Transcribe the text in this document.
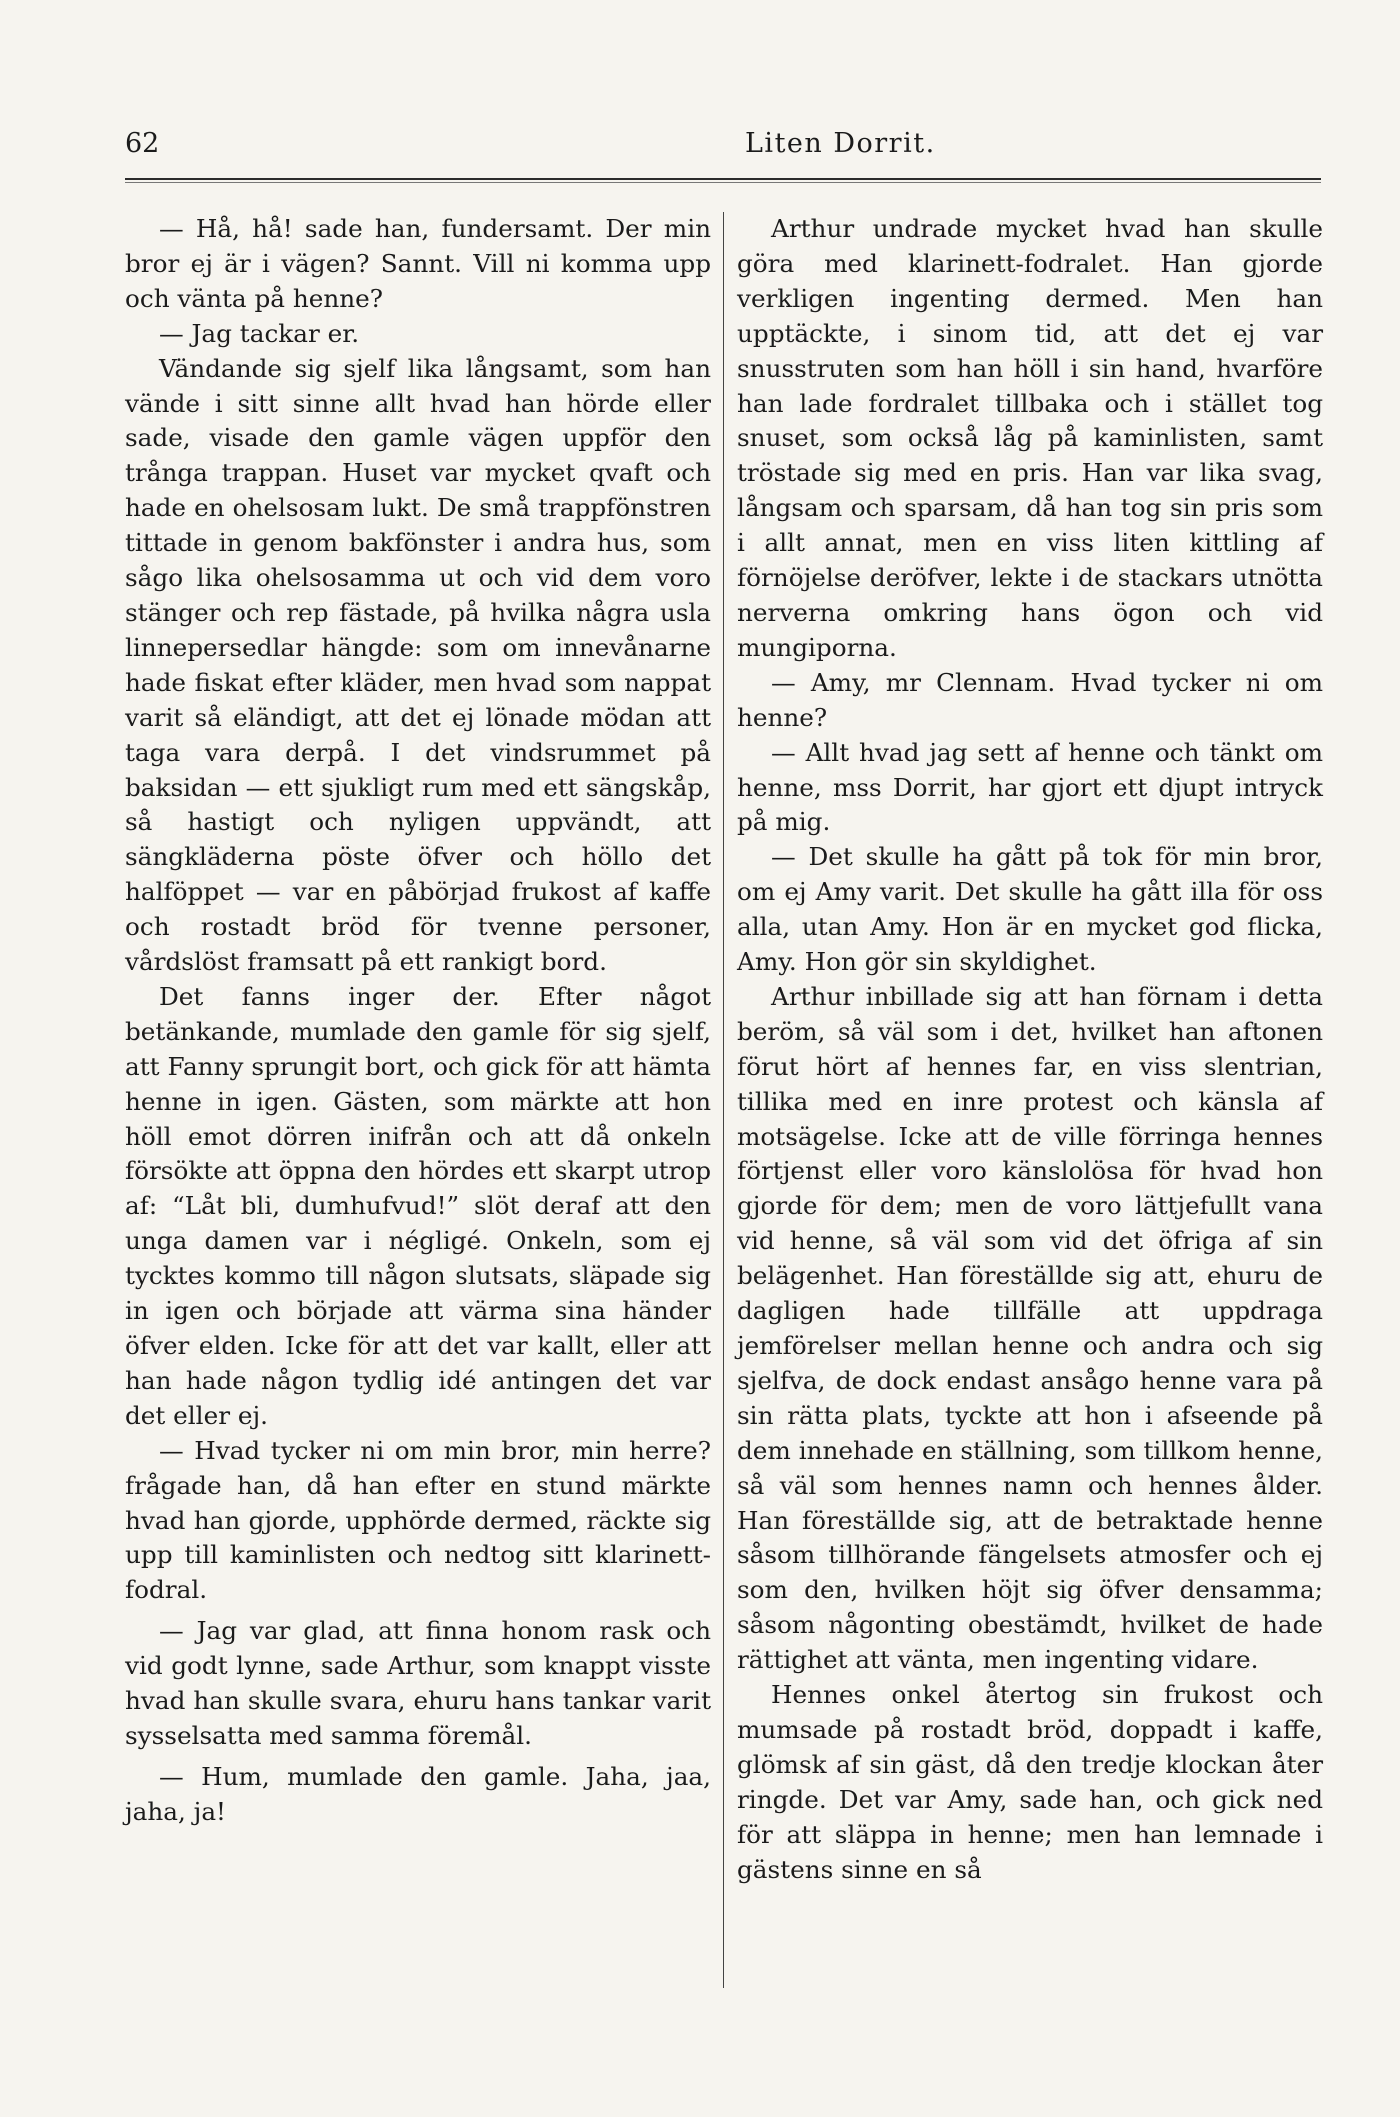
62	Liten Dorrit.

— Hå, hå! sade han, fundersamt. Der min bror ej är i vägen? Sannt. Vill ni komma upp och vänta på henne?

— Jag tackar er.

Vändande sig sjelf lika långsamt, som han vände i sitt sinne allt hvad han hörde eller sade, visade den gamle vägen uppför den trånga trappan. Huset var mycket qvaft och hade en ohelsosam lukt. De små trappfönstren tittade in genom bakfönster i andra hus, som sågo lika ohelsosamma ut och vid dem voro stänger och rep fästade, på hvilka några usla linnepersedlar hängde: som om innevånarne hade fiskat efter kläder, men hvad som nappat varit så eländigt, att det ej lönade mödan att taga vara derpå. I det vindsrummet på baksidan — ett sjukligt rum med ett sängskåp, så hastigt och nyligen uppvändt, att sängkläderna pöste öfver och höllo det halföppet — var en påbörjad frukost af kaffe och rostadt bröd för tvenne personer, vårdslöst framsatt på ett rankigt bord.

Det fanns inger der. Efter något betänkande, mumlade den gamle för sig sjelf, att Fanny sprungit bort, och gick för att hämta henne in igen. Gästen, som märkte att hon höll emot dörren inifrån och att då onkeln försökte att öppna den hördes ett skarpt utrop af: “Låt bli, dumhufvud!” slöt deraf att den unga damen var i négligé. Onkeln, som ej tycktes kommo till någon slutsats, släpade sig in igen och började att värma sina händer öfver elden. Icke för att det var kallt, eller att han hade någon tydlig idé antingen det var det eller ej.

— Hvad tycker ni om min bror, min herre? frågade han, då han efter en stund märkte hvad han gjorde, upphörde dermed, räckte sig upp till kaminlisten och nedtog sitt klarinett-fodral.

— Jag var glad, att finna honom rask och vid godt lynne, sade Arthur, som knappt visste hvad han skulle svara, ehuru hans tankar varit sysselsatta med samma föremål.

— Hum, mumlade den gamle. Jaha, jaa, jaha, ja!

Arthur undrade mycket hvad han skulle göra med klarinett-fodralet. Han gjorde verkligen ingenting dermed. Men han upptäckte, i sinom tid, att det ej var snusstruten som han höll i sin hand, hvarföre han lade fordralet tillbaka och i stället tog snuset, som också låg på kaminlisten, samt tröstade sig med en pris. Han var lika svag, långsam och sparsam, då han tog sin pris som i allt annat, men en viss liten kittling af förnöjelse deröfver, lekte i de stackars utnötta nerverna omkring hans ögon och vid mungiporna.

— Amy, mr Clennam. Hvad tycker ni om henne?

— Allt hvad jag sett af henne och tänkt om henne, mss Dorrit, har gjort ett djupt intryck på mig.

— Det skulle ha gått på tok för min bror, om ej Amy varit. Det skulle ha gått illa för oss alla, utan Amy. Hon är en mycket god flicka, Amy. Hon gör sin skyldighet.

Arthur inbillade sig att han förnam i detta beröm, så väl som i det, hvilket han aftonen förut hört af hennes far, en viss slentrian, tillika med en inre protest och känsla af motsägelse. Icke att de ville förringa hennes förtjenst eller voro känslolösa för hvad hon gjorde för dem; men de voro lättjefullt vana vid henne, så väl som vid det öfriga af sin belägenhet. Han föreställde sig att, ehuru de dagligen hade tillfälle att uppdraga jemförelser mellan henne och andra och sig sjelfva, de dock endast ansågo henne vara på sin rätta plats, tyckte att hon i afseende på dem innehade en ställning, som tillkom henne, så väl som hennes namn och hennes ålder. Han föreställde sig, att de betraktade henne såsom tillhörande fängelsets atmosfer och ej som den, hvilken höjt sig öfver densamma; såsom någonting obestämdt, hvilket de hade rättighet att vänta, men ingenting vidare.

Hennes onkel återtog sin frukost och mumsade på rostadt bröd, doppadt i kaffe, glömsk af sin gäst, då den tredje klockan åter ringde. Det var Amy, sade han, och gick ned för att släppa in henne; men han lemnade i gästens sinne en så
